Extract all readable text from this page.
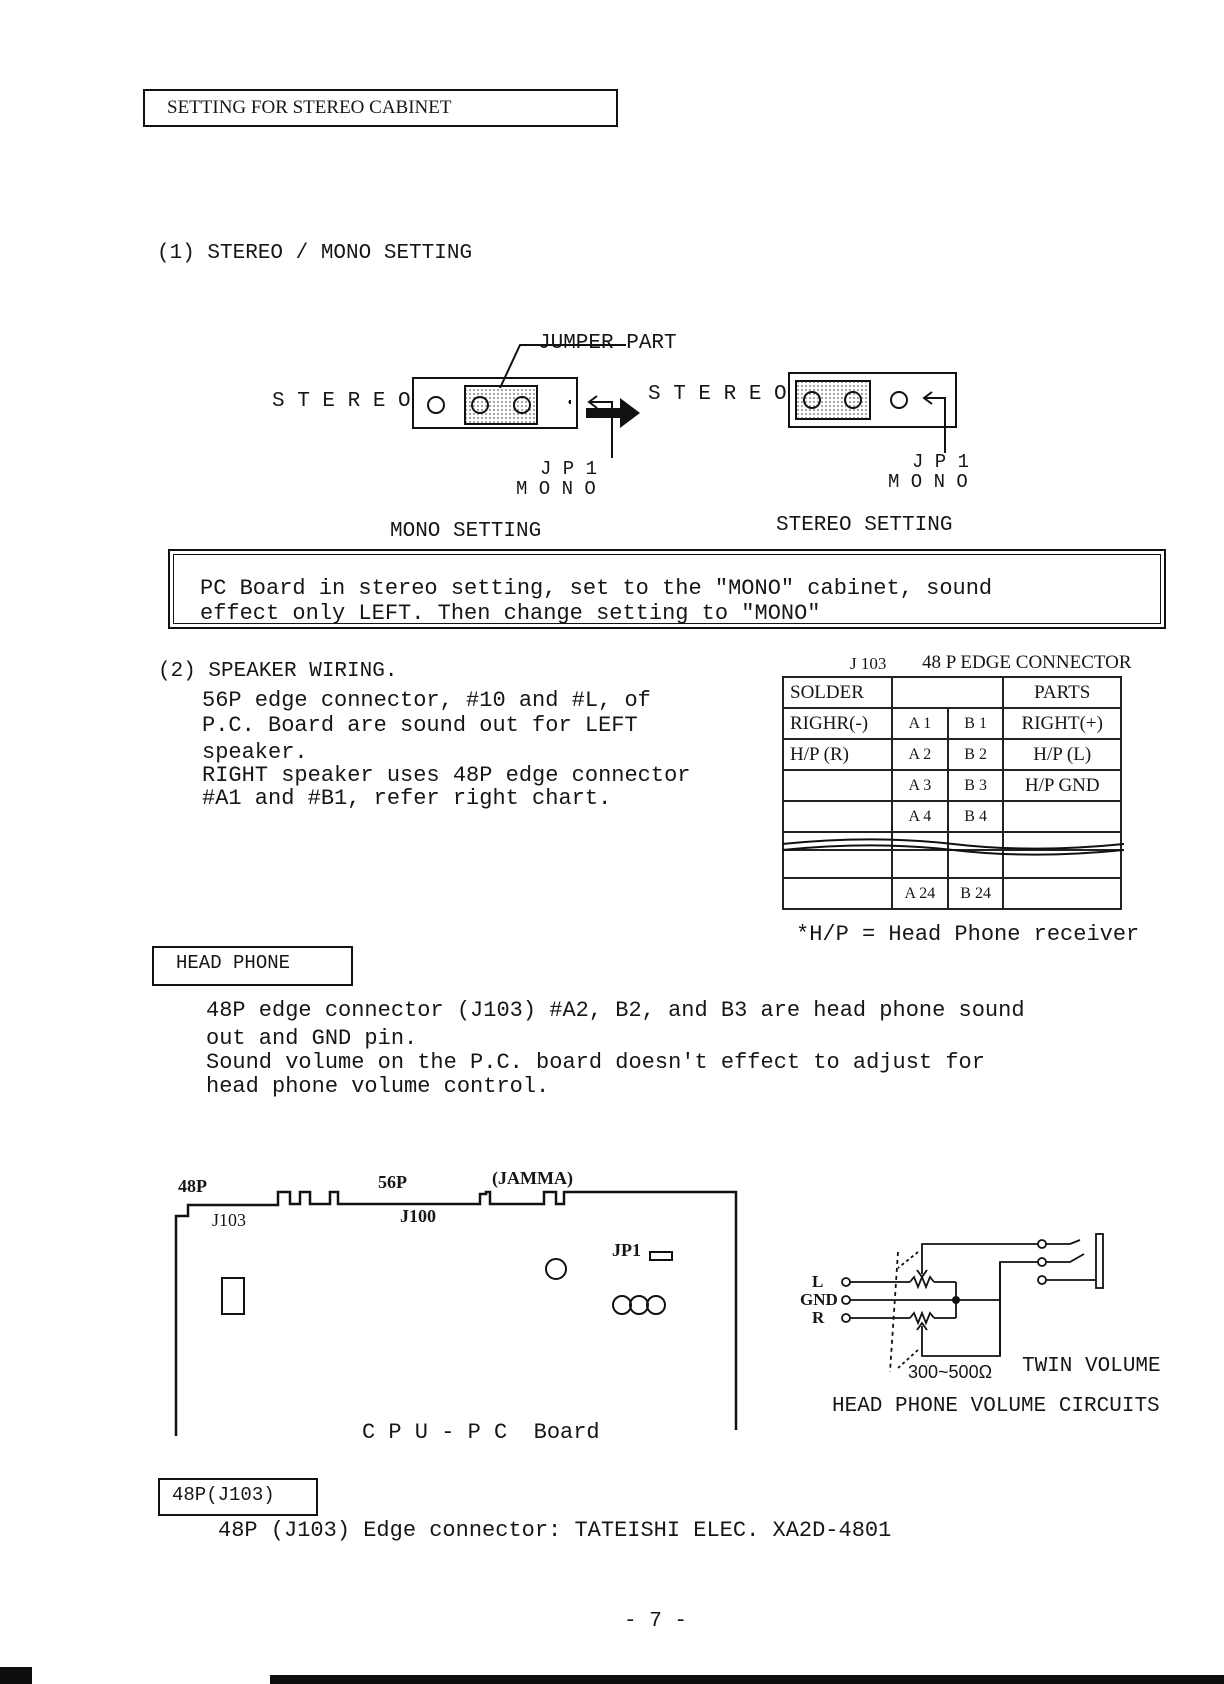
SETTING FOR STEREO CABINET
(1) STEREO / MONO SETTING
JUMPER PART
S T E R E O	S T E R E O
J P 1
M O N O
J P 1
M O N O
MONO SETTING	STEREO SETTING
PC Board in stereo setting, set to the "MONO" cabinet, sound
effect only LEFT. Then change setting to "MONO"
(2) SPEAKER WIRING.
56P edge connector, #10 and #L, of
P.C. Board are sound out for LEFT
speaker.
RIGHT speaker uses 48P edge connector
#A1 and #B1, refer right chart.
J 103 48 P EDGE CONNECTOR
SOLDER			PARTS
RIGHR(-)	A 1	B 1	RIGHT(+)
H/P (R)	A 2	B 2	H/P (L)
	A 3	B 3	H/P GND
	A 4	B 4	

	A 24	B 24	
*H/P = Head Phone receiver
HEAD PHONE
48P edge connector (J103) #A2, B2, and B3 are head phone sound
out and GND pin.
Sound volume on the P.C. board doesn't effect to adjust for
head phone volume control.
48P	56P	(JAMMA)
J103	J100
JP1
C P U - P C  Board
L
GND
R
300~500Ω TWIN VOLUME
HEAD PHONE VOLUME CIRCUITS
48P(J103)
48P (J103) Edge connector: TATEISHI ELEC. XA2D-4801
- 7 -
